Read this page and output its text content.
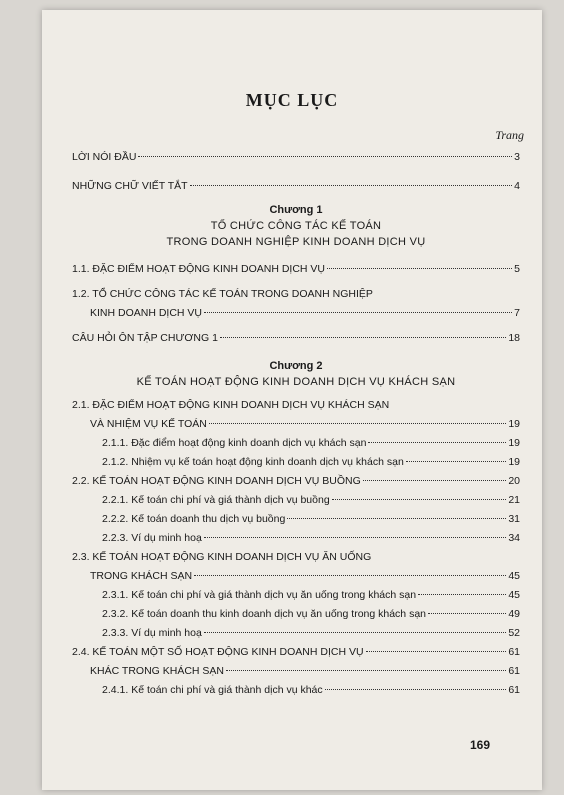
MỤC LỤC
Trang
LỜI NÓI ĐẦU	3
NHỮNG CHỮ VIẾT TẮT	4
Chương 1
TỔ CHỨC CÔNG TÁC KẾ TOÁN
TRONG DOANH NGHIỆP KINH DOANH DỊCH VỤ
1.1. ĐẶC ĐIỂM HOẠT ĐỘNG KINH DOANH DỊCH VỤ	5
1.2. TỔ CHỨC CÔNG TÁC KẾ TOÁN TRONG DOANH NGHIỆP
KINH DOANH DỊCH VỤ	7
CÂU HỎI ÔN TẬP CHƯƠNG 1	18
Chương 2
KẾ TOÁN HOẠT ĐỘNG KINH DOANH DỊCH VỤ KHÁCH SẠN
2.1. ĐẶC ĐIỂM HOẠT ĐỘNG KINH DOANH DỊCH VỤ KHÁCH SẠN
VÀ NHIỆM VỤ KẾ TOÁN	19
2.1.1. Đặc điểm hoạt động kinh doanh dịch vụ khách sạn	19
2.1.2. Nhiệm vụ kế toán hoạt động kinh doanh dịch vụ khách sạn	19
2.2. KẾ TOÁN HOẠT ĐỘNG KINH DOANH DỊCH VỤ BUỒNG	20
2.2.1. Kế toán chi phí và giá thành dịch vụ buồng	21
2.2.2. Kế toán doanh thu dịch vụ buồng	31
2.2.3. Ví dụ minh hoạ	34
2.3. KẾ TOÁN HOẠT ĐỘNG KINH DOANH DỊCH VỤ ĂN UỐNG
TRONG KHÁCH SẠN	45
2.3.1. Kế toán chi phí và giá thành dịch vụ ăn uống trong khách sạn	45
2.3.2. Kế toán doanh thu kinh doanh dịch vụ ăn uống trong khách sạn	49
2.3.3. Ví dụ minh hoạ	52
2.4. KẾ TOÁN MỘT SỐ HOẠT ĐỘNG KINH DOANH DỊCH VỤ	61
KHÁC TRONG KHÁCH SẠN	61
2.4.1. Kế toán chi phí và giá thành dịch vụ khác	61
169
